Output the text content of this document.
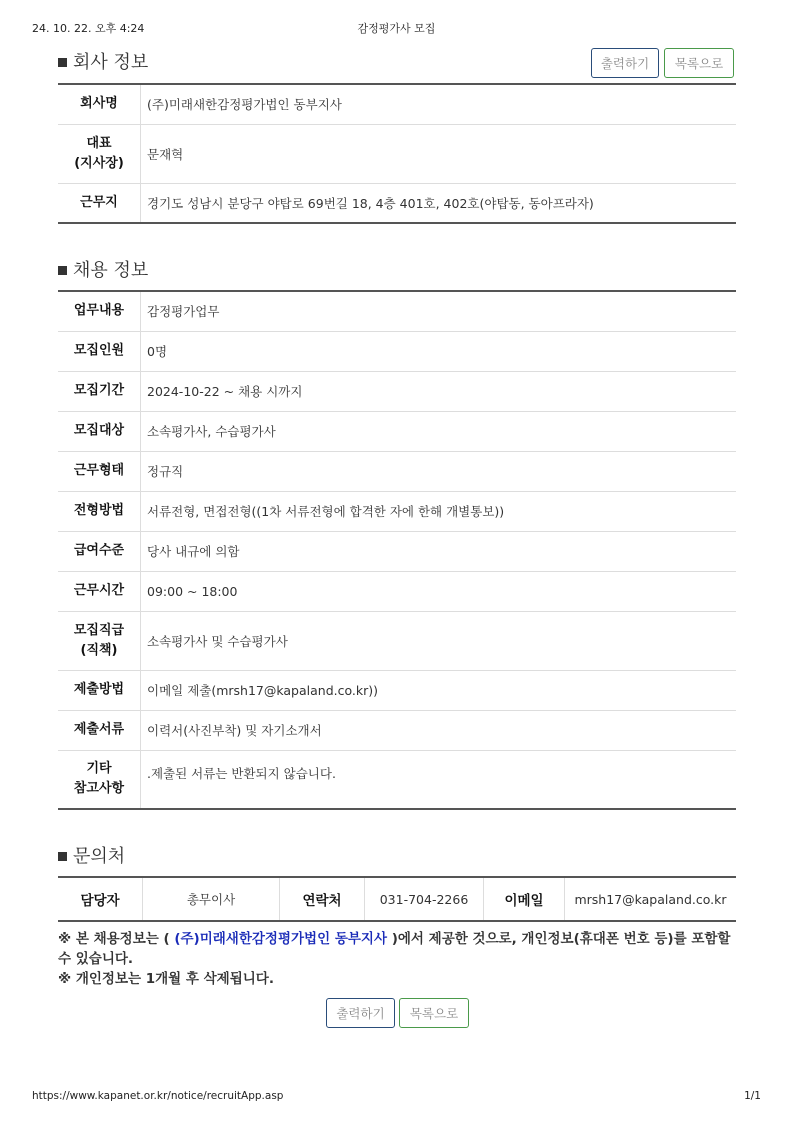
24. 10. 22. 오후 4:24	감정평가사 모집
회사 정보	출력하기	목록으로
회사명	(주)미래새한감정평가법인 동부지사
대표
(지사장)	문재혁
근무지	경기도 성남시 분당구 야탑로 69번길 18, 4층 401호, 402호(야탑동, 동아프라자)
채용 정보
업무내용	감정평가업무
모집인원	0명
모집기간	2024-10-22 ~ 채용 시까지
모집대상	소속평가사, 수습평가사
근무형태	정규직
전형방법	서류전형, 면접전형((1차 서류전형에 합격한 자에 한해 개별통보))
급여수준	당사 내규에 의함
근무시간	09:00 ~ 18:00
모집직급
(직책)	소속평가사 및 수습평가사
제출방법	이메일 제출(mrsh17@kapaland.co.kr))
제출서류	이력서(사진부착) 및 자기소개서
기타
참고사항	.제출된 서류는 반환되지 않습니다.
문의처
담당자	총무이사	연락처	031-704-2266	이메일	mrsh17@kapaland.co.kr
※ 본 채용정보는 ( (주)미래새한감정평가법인 동부지사 )에서 제공한 것으로, 개인정보(휴대폰 번호 등)를 포함할 수 있습니다.
※ 개인정보는 1개월 후 삭제됩니다.
출력하기	목록으로
https://www.kapanet.or.kr/notice/recruitApp.asp	1/1
